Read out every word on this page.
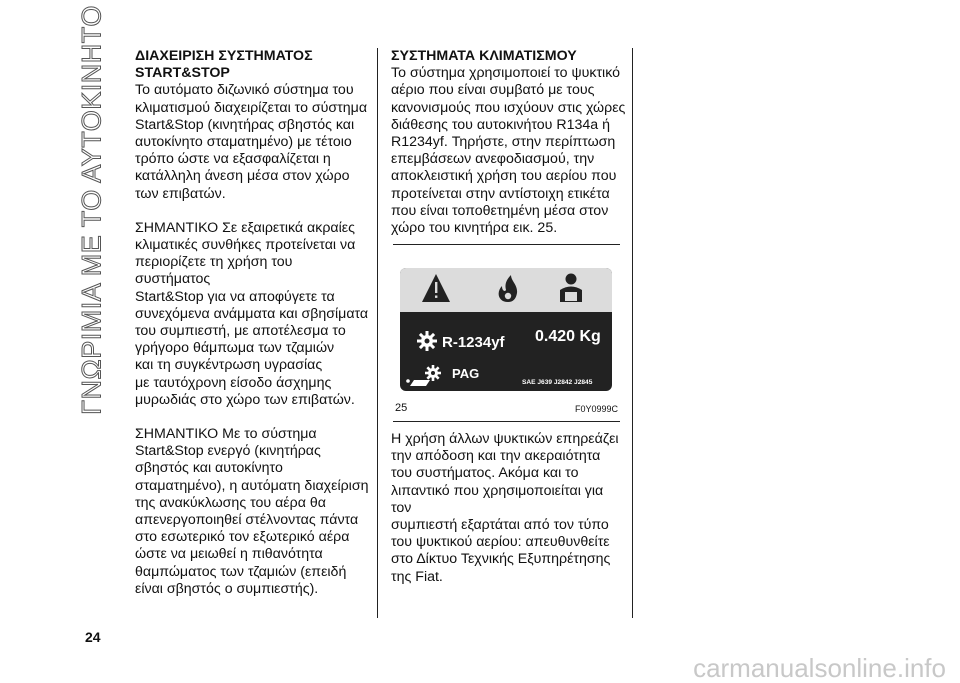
ΓΝΩΡΙΜΙΑ ΜΕ ΤΟ ΑΥΤΟΚΙΝΗΤΟ ΔΙΑΧΕΙΡΙΣΗ ΣΥΣΤΗΜΑΤΟΣ
START&STOP

Το αυτόματο διζωνικό σύστημα του
κλιματισμού διαχειρίζεται το σύστημα
Start&Stop (κινητήρας σβηστός και
αυτοκίνητο σταματημένο) με τέτοιο
τρόπο ώστε να εξασφαλίζεται η
κατάλληλη άνεση μέσα στον χώρο
των επιβατών.

ΣΗΜΑΝΤΙΚΟ Σε εξαιρετικά ακραίες
κλιματικές συνθήκες προτείνεται να
περιορίζετε τη χρήση του συστήματος
Start&Stop για να αποφύγετε τα
συνεχόμενα ανάμματα και σβησίματα
του συμπιεστή, με αποτέλεσμα το
γρήγορο θάμπωμα των τζαμιών
και τη συγκέντρωση υγρασίας
με ταυτόχρονη είσοδο άσχημης
μυρωδιάς στο χώρο των επιβατών.

ΣΗΜΑΝΤΙΚΟ Με το σύστημα
Start&Stop ενεργό (κινητήρας
σβηστός και αυτοκίνητο
σταματημένο), η αυτόματη διαχείριση
της ανακύκλωσης του αέρα θα
απενεργοποιηθεί στέλνοντας πάντα
στο εσωτερικό τον εξωτερικό αέρα
ώστε να μειωθεί η πιθανότητα
θαμπώματος των τζαμιών (επειδή
είναι σβηστός ο συμπιεστής).

ΣΥΣΤΗΜΑΤΑ ΚΛΙΜΑΤΙΣΜΟΥ

Το σύστημα χρησιμοποιεί το ψυκτικό
αέριο που είναι συμβατό με τους
κανονισμούς που ισχύουν στις χώρες
διάθεσης του αυτοκινήτου R134a ή
R1234yf. Τηρήστε, στην περίπτωση
επεμβάσεων ανεφοδιασμού, την
αποκλειστική χρήση του αερίου που
προτείνεται στην αντίστοιχη ετικέτα
που είναι τοποθετημένη μέσα στον
χώρο του κινητήρα εικ. 25.

Η χρήση άλλων ψυκτικών επηρεάζει
την απόδοση και την ακεραιότητα
του συστήματος. Ακόμα και το
λιπαντικό που χρησιμοποιείται για τον
συμπιεστή εξαρτάται από τον τύπο
του ψυκτικού αερίου: απευθυνθείτε
στο Δίκτυο Τεχνικής Εξυπηρέτησης
της Fiat.

R-1234yf 0.420 Kg
PAG
SAE J639 J2842 J2845
MOPAR
25	F0Y0999C
24
carmanualsonline.info
